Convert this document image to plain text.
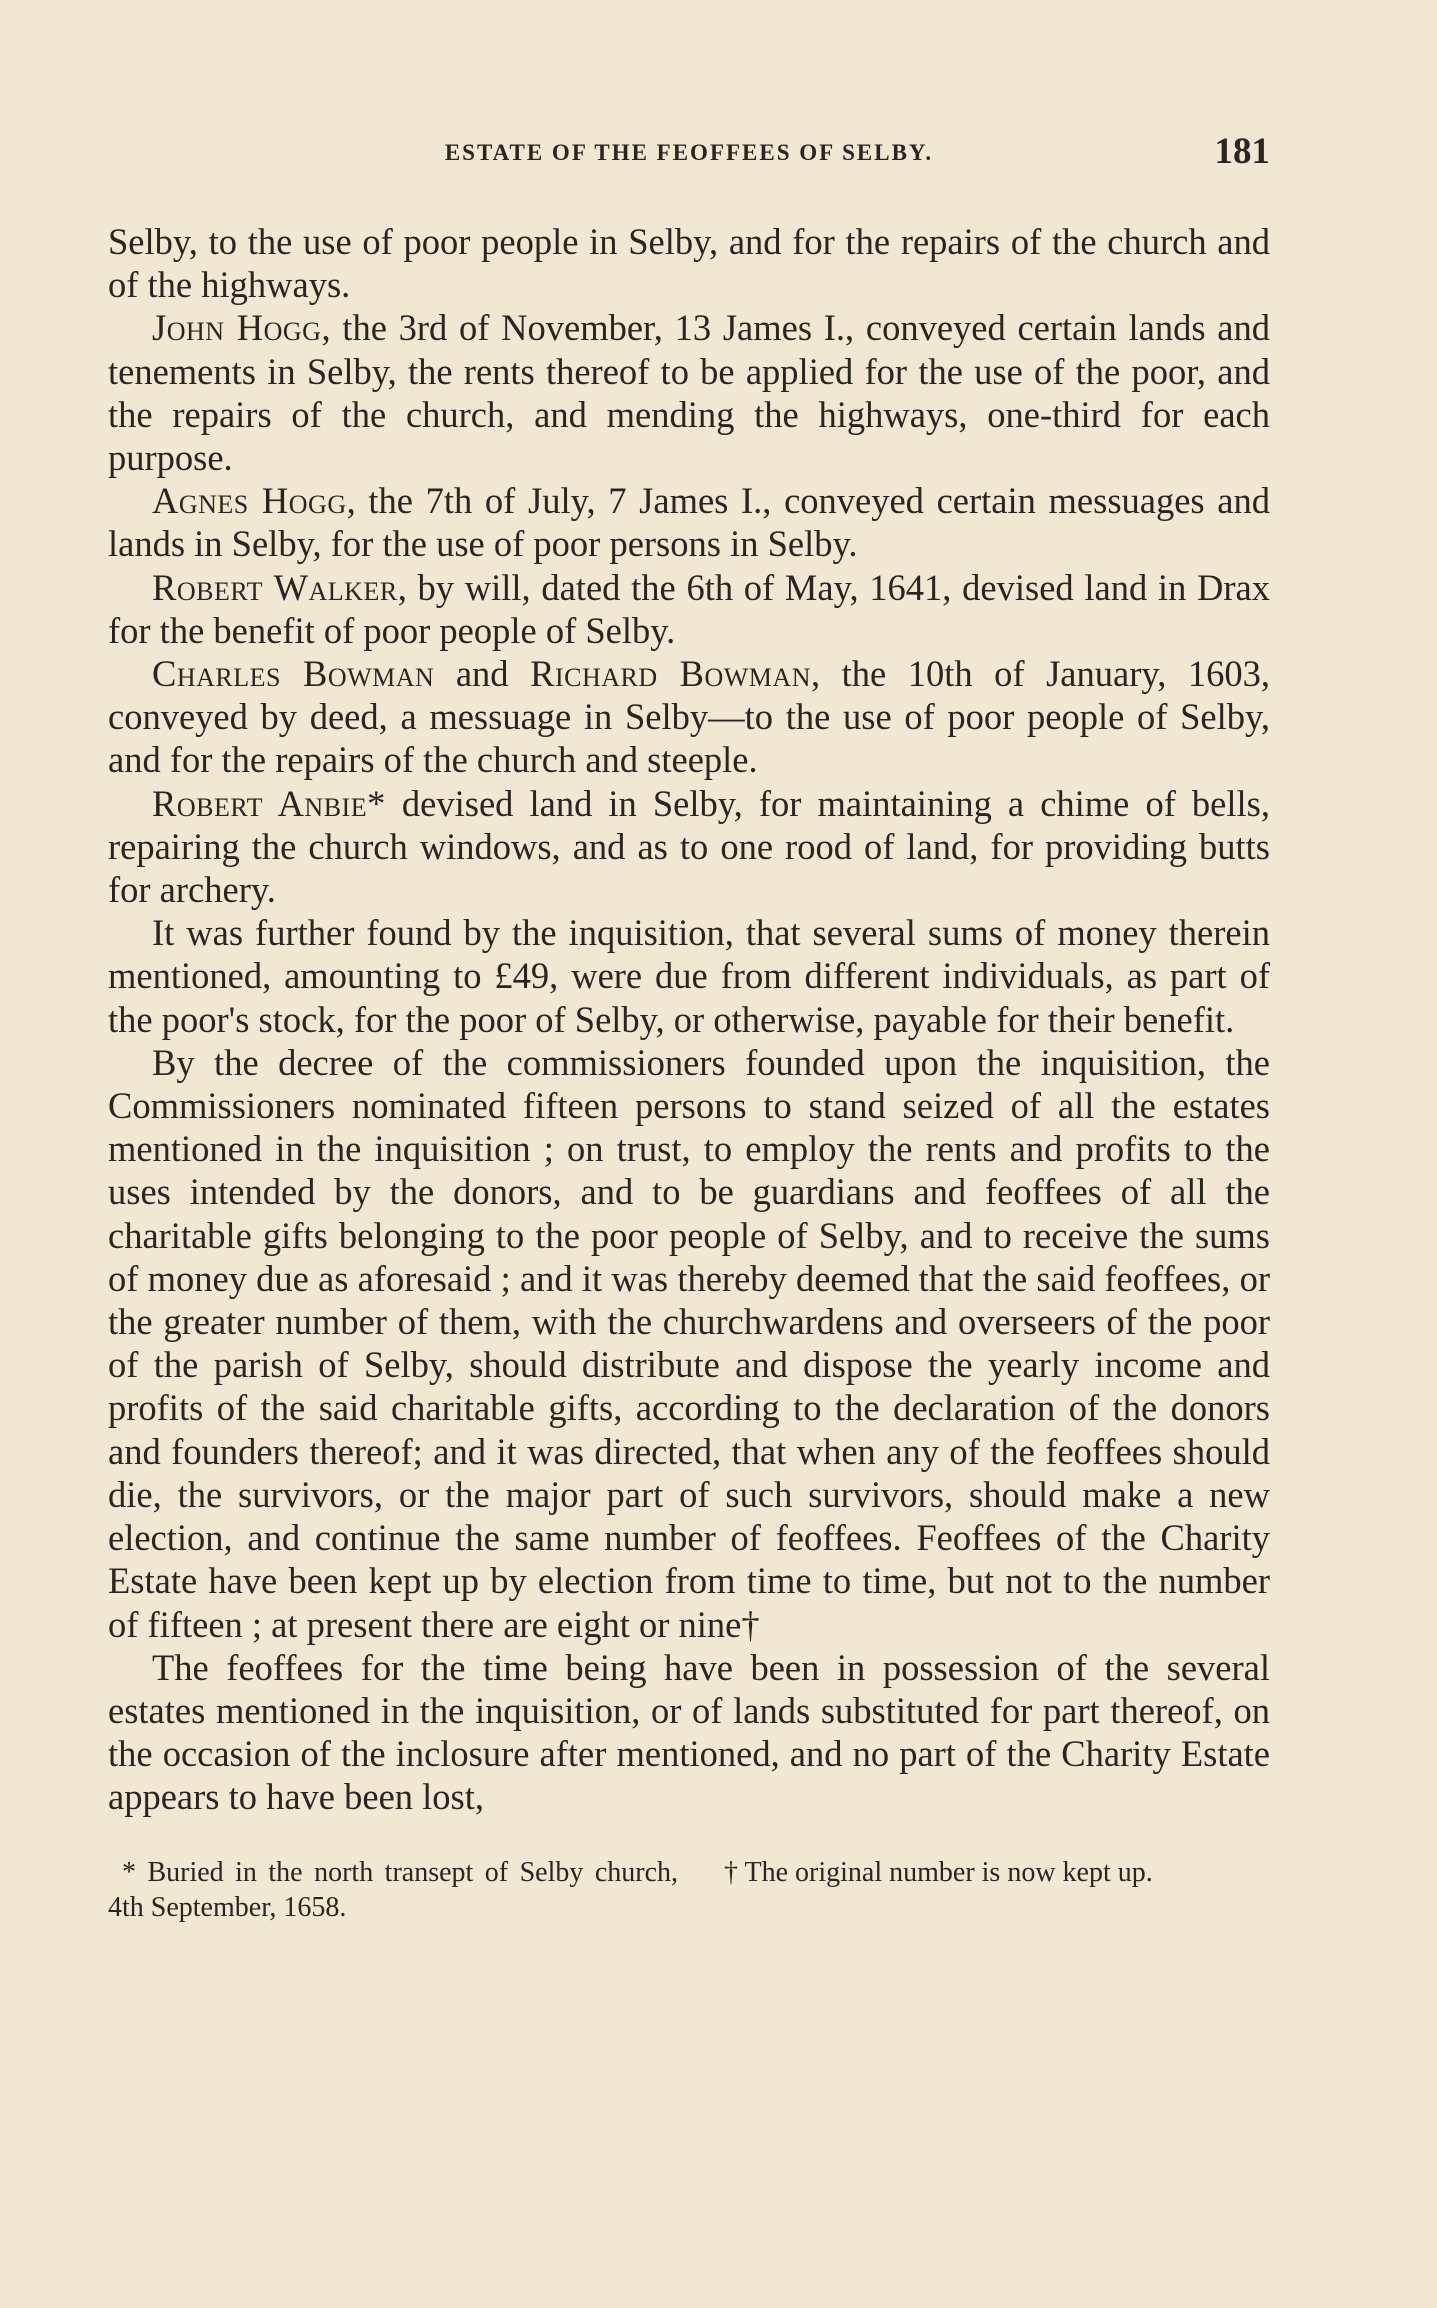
ESTATE OF THE FEOFFEES OF SELBY.	181

Selby, to the use of poor people in Selby, and for the repairs of the church and of the highways.

John Hogg, the 3rd of November, 13 James I., conveyed certain lands and tenements in Selby, the rents thereof to be applied for the use of the poor, and the repairs of the church, and mending the highways, one-third for each purpose.

Agnes Hogg, the 7th of July, 7 James I., conveyed certain messuages and lands in Selby, for the use of poor persons in Selby.

Robert Walker, by will, dated the 6th of May, 1641, devised land in Drax for the benefit of poor people of Selby.

Charles Bowman and Richard Bowman, the 10th of January, 1603, conveyed by deed, a messuage in Selby—to the use of poor people of Selby, and for the repairs of the church and steeple.

Robert Anbie* devised land in Selby, for maintaining a chime of bells, repairing the church windows, and as to one rood of land, for providing butts for archery.

It was further found by the inquisition, that several sums of money therein mentioned, amounting to £49, were due from different individuals, as part of the poor's stock, for the poor of Selby, or otherwise, payable for their benefit.

By the decree of the commissioners founded upon the inquisition, the Commissioners nominated fifteen persons to stand seized of all the estates mentioned in the inquisition ; on trust, to employ the rents and profits to the uses intended by the donors, and to be guardians and feoffees of all the charitable gifts belonging to the poor people of Selby, and to receive the sums of money due as aforesaid ; and it was thereby deemed that the said feoffees, or the greater number of them, with the churchwardens and overseers of the poor of the parish of Selby, should distribute and dispose the yearly income and profits of the said charitable gifts, according to the declaration of the donors and founders thereof; and it was directed, that when any of the feoffees should die, the survivors, or the major part of such survivors, should make a new election, and continue the same number of feoffees. Feoffees of the Charity Estate have been kept up by election from time to time, but not to the number of fifteen ; at present there are eight or nine†

The feoffees for the time being have been in possession of the several estates mentioned in the inquisition, or of lands substituted for part thereof, on the occasion of the inclosure after mentioned, and no part of the Charity Estate appears to have been lost,

* Buried in the north transept of Selby church, 4th September, 1658.
† The original number is now kept up.
